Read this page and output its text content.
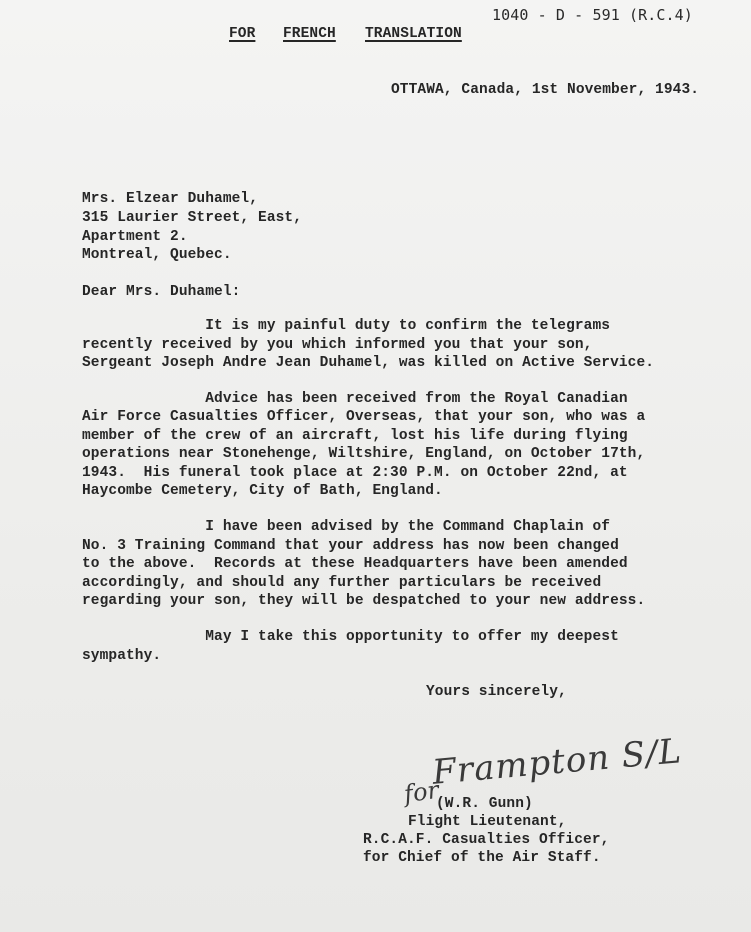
1040 - D - 591 (R.C.4)
FOR FRENCH TRANSLATION
OTTAWA, Canada, 1st November, 1943.
Mrs. Elzear Duhamel,
315 Laurier Street, East,
Apartment 2.
Montreal, Quebec.
Dear Mrs. Duhamel:
It is my painful duty to confirm the telegrams
recently received by you which informed you that your son,
Sergeant Joseph Andre Jean Duhamel, was killed on Active Service.
Advice has been received from the Royal Canadian
Air Force Casualties Officer, Overseas, that your son, who was a
member of the crew of an aircraft, lost his life during flying
operations near Stonehenge, Wiltshire, England, on October 17th,
1943.  His funeral took place at 2:30 P.M. on October 22nd, at
Haycombe Cemetery, City of Bath, England.
I have been advised by the Command Chaplain of
No. 3 Training Command that your address has now been changed
to the above.  Records at these Headquarters have been amended
accordingly, and should any further particulars be received
regarding your son, they will be despatched to your new address.
May I take this opportunity to offer my deepest
sympathy.
Yours sincerely,
for
Frampton S/L
(W.R. Gunn)
Flight Lieutenant,
R.C.A.F. Casualties Officer,
for Chief of the Air Staff.
